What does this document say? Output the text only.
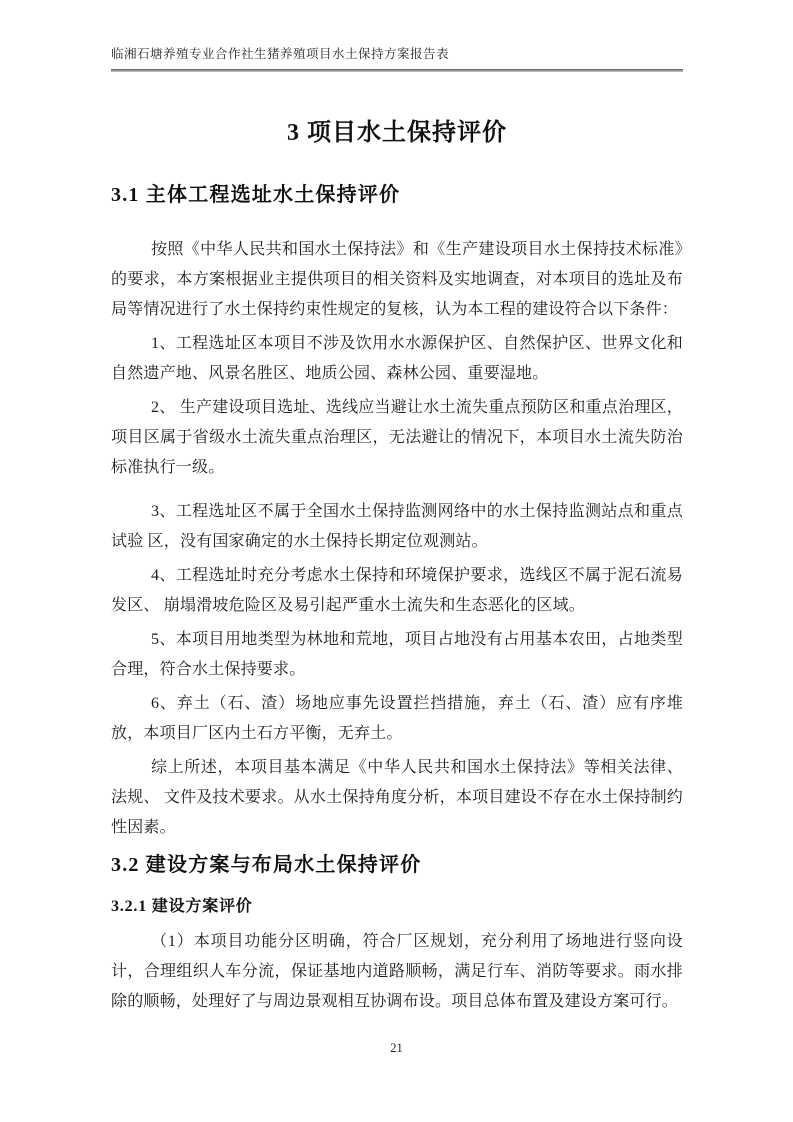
临湘石塘养殖专业合作社生猪养殖项目水土保持方案报告表
3 项目水土保持评价
3.1 主体工程选址水土保持评价

按照《中华人民共和国水土保持法》和《生产建设项目水土保持技术标准》的要求，本方案根据业主提供项目的相关资料及实地调查，对本项目的选址及布局等情况进行了水土保持约束性规定的复核，认为本工程的建设符合以下条件：

1、工程选址区本项目不涉及饮用水水源保护区、自然保护区、世界文化和自然遗产地、风景名胜区、地质公园、森林公园、重要湿地。

2、 生产建设项目选址、选线应当避让水土流失重点预防区和重点治理区，项目区属于省级水土流失重点治理区，无法避让的情况下，本项目水土流失防治标准执行一级。

3、工程选址区不属于全国水土保持监测网络中的水土保持监测站点和重点试验 区，没有国家确定的水土保持长期定位观测站。

4、工程选址时充分考虑水土保持和环境保护要求，选线区不属于泥石流易发区、 崩塌滑坡危险区及易引起严重水土流失和生态恶化的区域。

5、本项目用地类型为林地和荒地，项目占地没有占用基本农田，占地类型合理，符合水土保持要求。

6、弃土（石、渣）场地应事先设置拦挡措施，弃土（石、渣）应有序堆放，本项目厂区内土石方平衡，无弃土。

综上所述，本项目基本满足《中华人民共和国水土保持法》等相关法律、法规、 文件及技术要求。从水土保持角度分析，本项目建设不存在水土保持制约性因素。

3.2 建设方案与布局水土保持评价
3.2.1 建设方案评价

（1）本项目功能分区明确，符合厂区规划，充分利用了场地进行竖向设计，合理组织人车分流，保证基地内道路顺畅，满足行车、消防等要求。雨水排除的顺畅，处理好了与周边景观相互协调布设。项目总体布置及建设方案可行。

21
